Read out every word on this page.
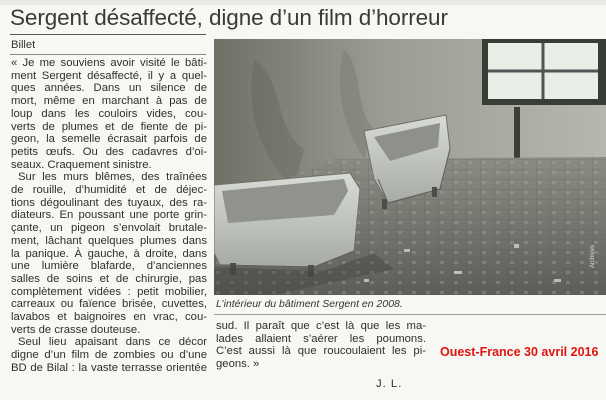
Sergent désaffecté, digne d’un film d’horreur
Billet
« Je me souviens avoir visité le bâti-
ment Sergent désaffecté, il y a quel-
ques années. Dans un silence de
mort, même en marchant à pas de
loup dans les couloirs vides, cou-
verts de plumes et de fiente de pi-
geon, la semelle écrasait parfois de
petits œufs. Ou des cadavres d’oi-
seaux. Craquement sinistre.
Sur les murs blêmes, des traînées
de rouille, d’humidité et de déjec-
tions dégoulinant des tuyaux, des ra-
diateurs. En poussant une porte grin-
çante, un pigeon s’envolait brutale-
ment, lâchant quelques plumes dans
la panique. À gauche, à droite, dans
une lumière blafarde, d’anciennes
salles de soins et de chirurgie, pas
complètement vidées : petit mobilier,
carreaux ou faïence brisée, cuvettes,
lavabos et baignoires en vrac, cou-
verts de crasse douteuse.
Seul lieu apaisant dans ce décor
digne d’un film de zombies ou d’une
BD de Bilal : la vaste terrasse orientée
Archives
L’intérieur du bâtiment Sergent en 2008.
sud. Il paraît que c’est là que les ma-
lades allaient s’aérer les poumons.
C’est aussi là que roucoulaient les pi-
geons. »
J. L.
Ouest-France 30 avril 2016
